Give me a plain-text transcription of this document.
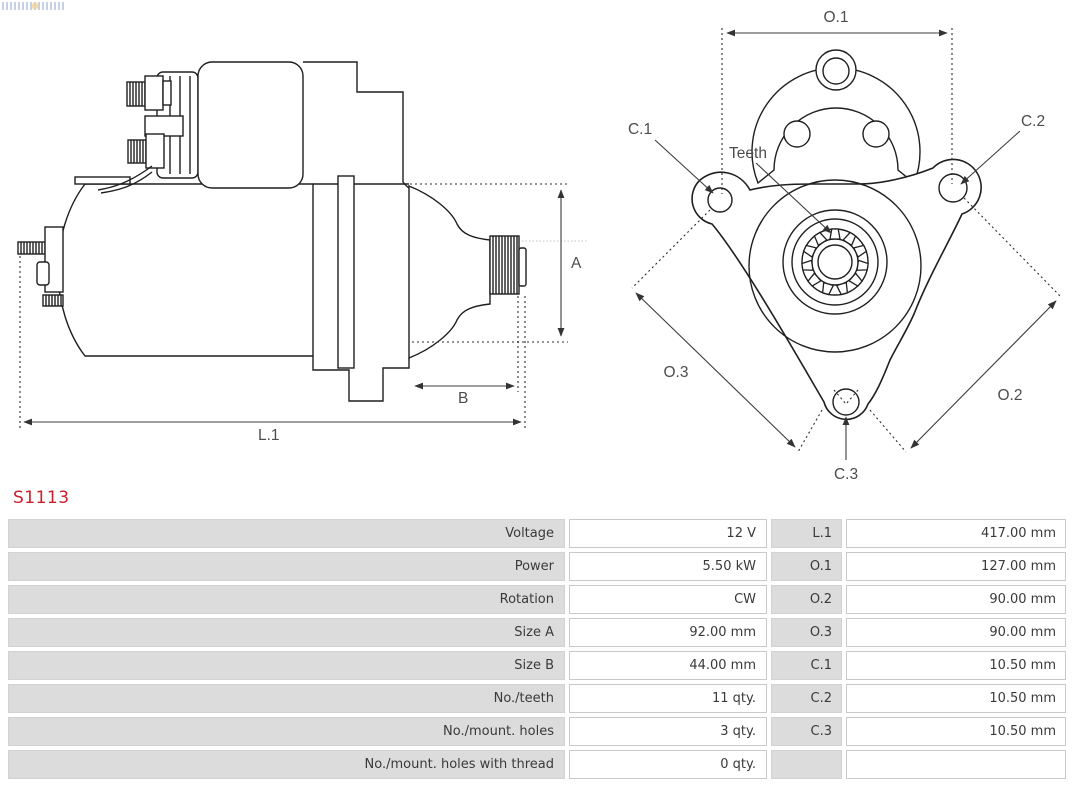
A
B
L.1
O.1
C.1	C.2
Teeth
O.3
O.2
C.3
S1113
Voltage	12 V	L.1	417.00 mm
Power	5.50 kW	O.1	127.00 mm
Rotation	CW	O.2	90.00 mm
Size A	92.00 mm	O.3	90.00 mm
Size B	44.00 mm	C.1	10.50 mm
No./teeth	11 qty.	C.2	10.50 mm
No./mount. holes	3 qty.	C.3	10.50 mm
No./mount. holes with thread	0 qty.
